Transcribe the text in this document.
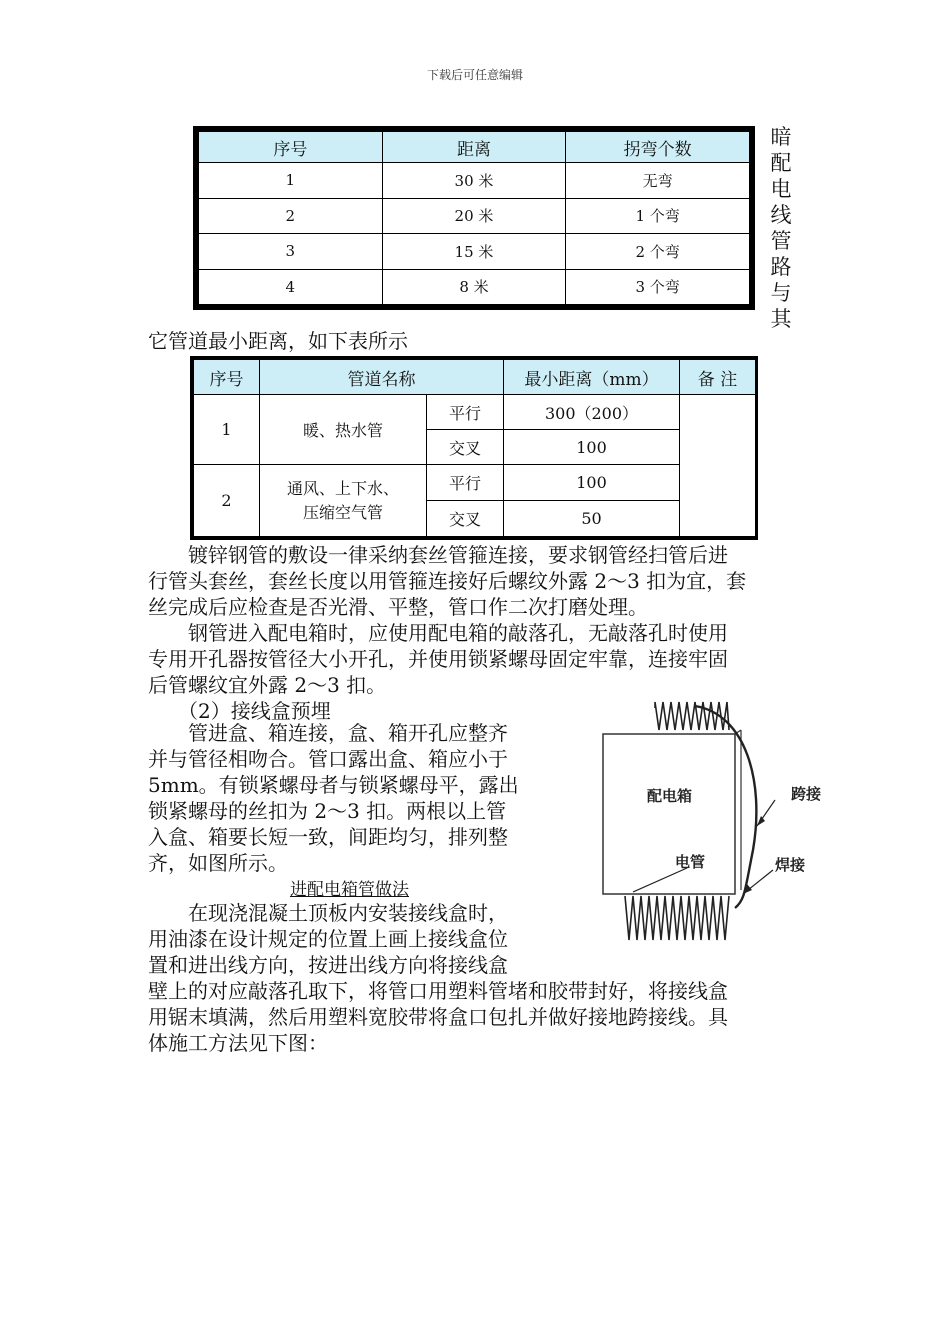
下载后可任意编辑
序号	距离	拐弯个数
1	30 米	无弯
2	20 米	1 个弯
3	15 米	2 个弯
4	8 米	3 个弯
暗配电线管路与其
它管道最小距离，如下表所示
序号	管道名称		最小距离（mm）	备 注
1	暖、热水管	平行	300（200）	
		交叉	100	
2	通风、上下水、
压缩空气管	平行	100	
		交叉	50	
　　镀锌钢管的敷设一律采纳套丝管箍连接，要求钢管经扫管后进
行管头套丝，套丝长度以用管箍连接好后螺纹外露 2～3 扣为宜，套
丝完成后应检查是否光滑、平整，管口作二次打磨处理。
　　钢管进入配电箱时，应使用配电箱的敲落孔，无敲落孔时使用
专用开孔器按管径大小开孔，并使用锁紧螺母固定牢靠，连接牢固
后管螺纹宜外露 2～3 扣。
　　（2）接线盒预埋
　　管进盒、箱连接，盒、箱开孔应整齐
并与管径相吻合。管口露出盒、箱应小于
5mm。有锁紧螺母者与锁紧螺母平，露出
锁紧螺母的丝扣为 2～3 扣。两根以上管
入盒、箱要长短一致，间距均匀，排列整
齐，如图所示。
进配电箱管做法
　　在现浇混凝土顶板内安装接线盒时，
用油漆在设计规定的位置上画上接线盒位
置和进出线方向，按进出线方向将接线盒
壁上的对应敲落孔取下，将管口用塑料管堵和胶带封好，将接线盒
用锯末填满，然后用塑料宽胶带将盒口包扎并做好接地跨接线。具
体施工方法见下图：
配电箱	跨接
电管	焊接
